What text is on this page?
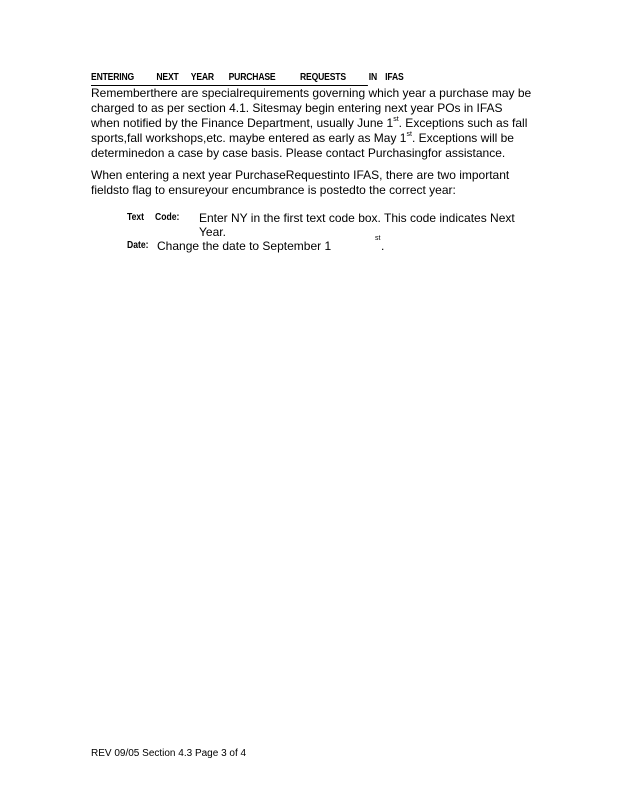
ENTERING NEXT YEAR PURCHASE REQUESTS IN IFAS
Rememberthere are specialrequirements governing which year a purchase may be
charged to as per section 4.1. Sitesmay begin entering next year POs in IFAS
when notified by the Finance Department, usually June 1st. Exceptions such as fall
sports,fall workshops,etc. maybe entered as early as May 1st. Exceptions will be
determinedon a case by case basis. Please contact Purchasingfor assistance.
When entering a next year PurchaseRequestinto IFAS, there are two important
fieldsto flag to ensureyour encumbrance is postedto the correct year:
Text Code: Enter NY in the first text code box. This code indicates Next
Year.
Date: Change the date to September 1
st
.
REV 09/05 Section 4.3 Page 3 of 4
